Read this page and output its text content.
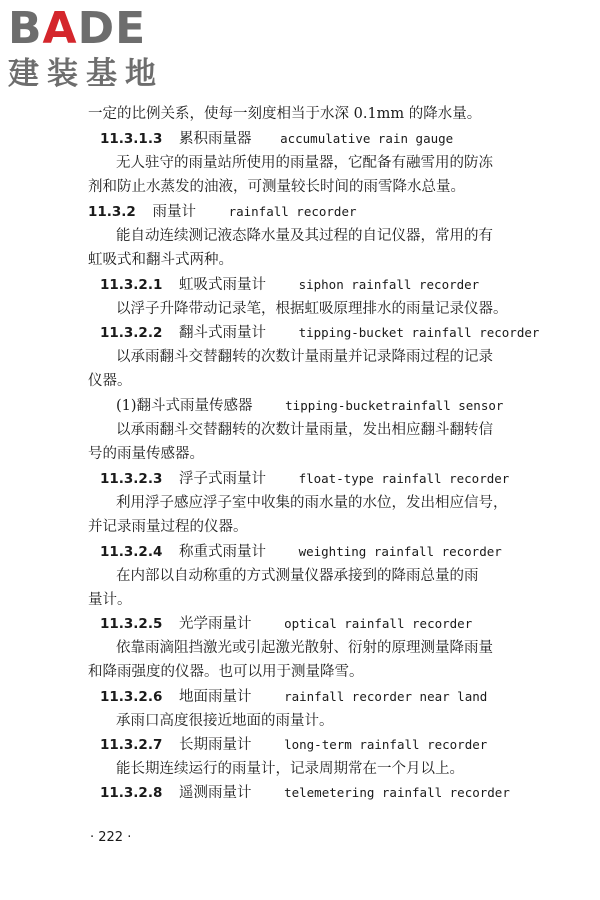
BADE
建装基地
一定的比例关系，使每一刻度相当于水深 0.1mm 的降水量。
11.3.1.3 累积雨量器 accumulative rain gauge
无人驻守的雨量站所使用的雨量器，它配备有融雪用的防冻
剂和防止水蒸发的油液，可测量较长时间的雨雪降水总量。
11.3.2 雨量计	rainfall recorder
能自动连续测记液态降水量及其过程的自记仪器，常用的有
虹吸式和翻斗式两种。
11.3.2.1 虹吸式雨量计	siphon rainfall recorder
以浮子升降带动记录笔，根据虹吸原理排水的雨量记录仪器。
11.3.2.2 翻斗式雨量计	tipping-bucket rainfall recorder
以承雨翻斗交替翻转的次数计量雨量并记录降雨过程的记录
仪器。
(1)翻斗式雨量传感器	tipping-bucketrainfall sensor
以承雨翻斗交替翻转的次数计量雨量，发出相应翻斗翻转信
号的雨量传感器。
11.3.2.3 浮子式雨量计	float-type rainfall recorder
利用浮子感应浮子室中收集的雨水量的水位，发出相应信号，
并记录雨量过程的仪器。
11.3.2.4 称重式雨量计	weighting rainfall recorder
在内部以自动称重的方式测量仪器承接到的降雨总量的雨
量计。
11.3.2.5 光学雨量计	optical rainfall recorder
依靠雨滴阻挡激光或引起激光散射、衍射的原理测量降雨量
和降雨强度的仪器。也可以用于测量降雪。
11.3.2.6 地面雨量计	rainfall recorder near land
承雨口高度很接近地面的雨量计。
11.3.2.7 长期雨量计	long-term rainfall recorder
能长期连续运行的雨量计，记录周期常在一个月以上。
11.3.2.8 遥测雨量计	telemetering rainfall recorder
· 222 ·
